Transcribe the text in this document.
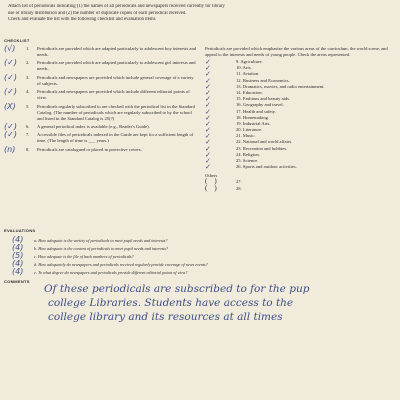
Attach list of periodicals indicating (1) the names of all periodicals and newspapers received currently for library
use or library distribution and (2) the number of duplicate copies of each periodical received.
Check and evaluate the list with the following checklist and evaluation items
CHECKLIST
(√)	1. Periodicals are provided which are adapted particularly to adolescent boy interests and needs.
(✓)	2. Periodicals are provided which are adapted particularly to adolescent girl interests and needs.
(✓)	3. Periodicals and newspapers are provided which include general coverage of a variety of subjects.
(✓)	4. Periodicals and newspapers are provided which include different editorial points of view.
(X)	5. Periodicals regularly subscribed to are checked with the periodical list in the Standard Catalog. (The number of periodicals which are regularly subscribed to by the school and listed in the Standard Catalog is 25(?)
(✓)	6. A general periodical index is available (e.g., Reader's Guide).
(✓)	7. Accessible files of periodicals indexed in the Guide are kept for a sufficient length of time. (The length of time is ___ years.)
(n)	8. Periodicals are catalogued or placed in protective covers.
Periodicals are provided which emphasize the various areas of the curriculum, the world scene, and appeal to the interests and needs of young people. Check the areas represented.
✓	9. Agriculture.
✓	10. Arts.
✓	11. Aviation.
✓	12. Business and Economics.
✓	13. Dramatics, movies, and radio entertainment.
✓	14. Education.
✓	15. Fashions and beauty aids.
✓	16. Geography and travel.
✓	17. Health and safety.
✓	18. Homemaking.
✓	19. Industrial Arts.
✓	20. Literature.
✓	21. Music.
✓	22. National and world affairs.
✓	23. Recreation and hobbies.
✓	24. Religion.
✓	25. Science.
✓	26. Sports and outdoor activities.
Others
(    )	27.
(    )	28.
EVALUATIONS
(4)	a. How adequate is the variety of periodicals to meet pupil needs and interests?
(4)	b. How adequate is the content of periodicals to meet pupil needs and interests?
(5)	c. How adequate is the file of back numbers of periodicals?
(4)	d. How adequately do newspapers and periodicals received regularly provide coverage of news events?
(4)	e. To what degree do newspapers and periodicals provide different editorial points of view?
COMMENTS
Of these periodicals are subscribed to for the pup
college Libraries. Students have access to the
college library and its resources at all times
